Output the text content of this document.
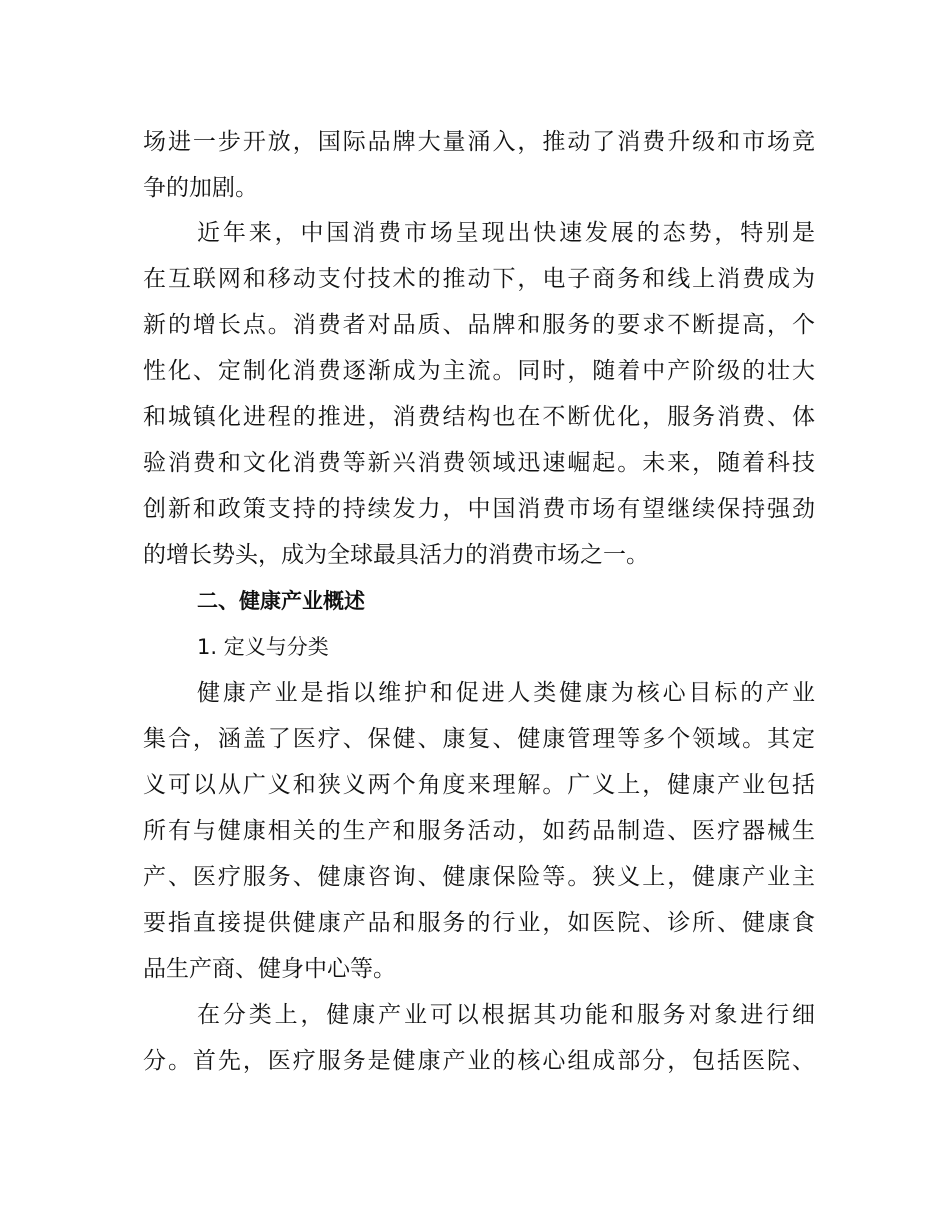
场进一步开放，国际品牌大量涌入，推动了消费升级和市场竞
争的加剧。
近年来，中国消费市场呈现出快速发展的态势，特别是
在互联网和移动支付技术的推动下，电子商务和线上消费成为
新的增长点。消费者对品质、品牌和服务的要求不断提高，个
性化、定制化消费逐渐成为主流。同时，随着中产阶级的壮大
和城镇化进程的推进，消费结构也在不断优化，服务消费、体
验消费和文化消费等新兴消费领域迅速崛起。未来，随着科技
创新和政策支持的持续发力，中国消费市场有望继续保持强劲
的增长势头，成为全球最具活力的消费市场之一。
二、健康产业概述
1. 定义与分类
健康产业是指以维护和促进人类健康为核心目标的产业
集合，涵盖了医疗、保健、康复、健康管理等多个领域。其定
义可以从广义和狭义两个角度来理解。广义上，健康产业包括
所有与健康相关的生产和服务活动，如药品制造、医疗器械生
产、医疗服务、健康咨询、健康保险等。狭义上，健康产业主
要指直接提供健康产品和服务的行业，如医院、诊所、健康食
品生产商、健身中心等。
在分类上，健康产业可以根据其功能和服务对象进行细
分。首先，医疗服务是健康产业的核心组成部分，包括医院、
